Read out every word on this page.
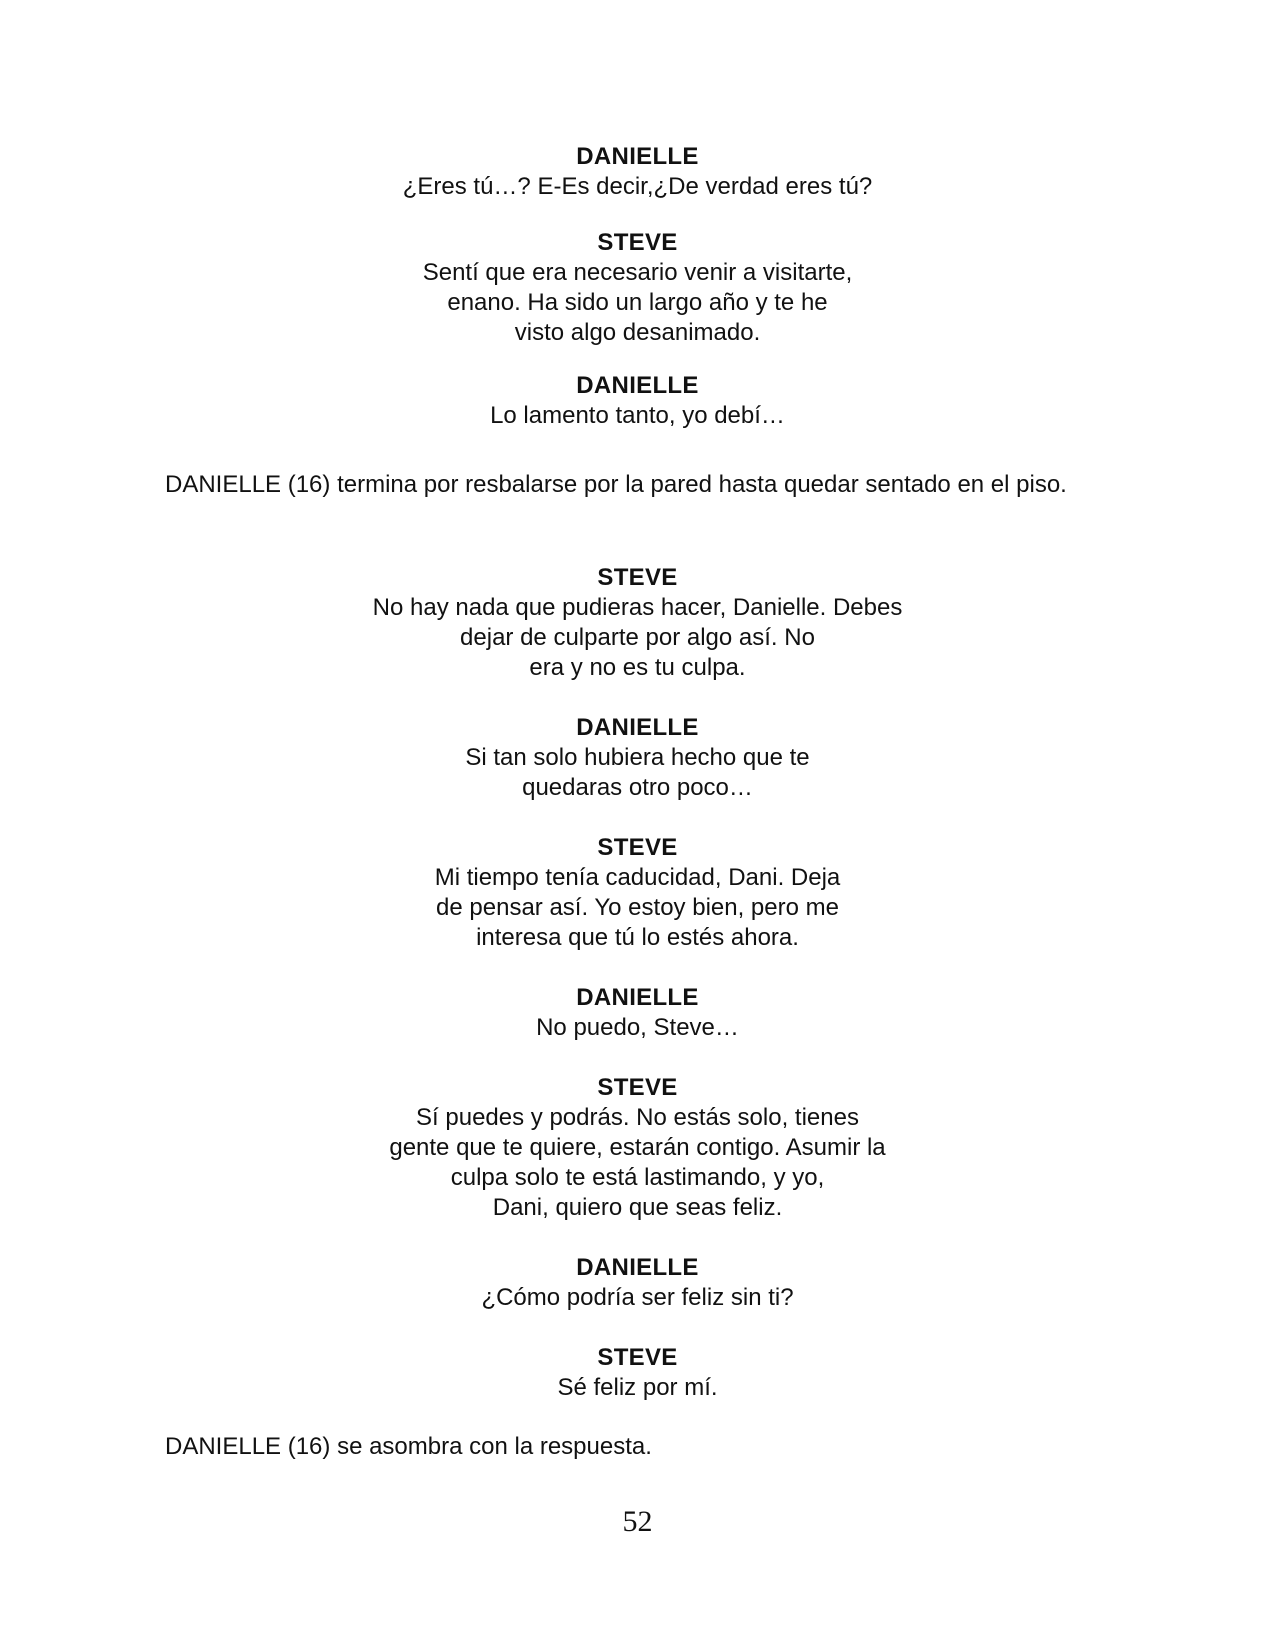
DANIELLE
¿Eres tú…? E-Es decir,¿De verdad eres tú?
STEVE
Sentí que era necesario venir a visitarte,
enano. Ha sido un largo año y te he
visto algo desanimado.
DANIELLE
Lo lamento tanto, yo debí…
DANIELLE (16) termina por resbalarse por la pared hasta quedar sentado en el piso.
STEVE
No hay nada que pudieras hacer, Danielle. Debes
dejar de culparte por algo así. No
era y no es tu culpa.
DANIELLE
Si tan solo hubiera hecho que te
quedaras otro poco…
STEVE
Mi tiempo tenía caducidad, Dani. Deja
de pensar así. Yo estoy bien, pero me
interesa que tú lo estés ahora.
DANIELLE
No puedo, Steve…
STEVE
Sí puedes y podrás. No estás solo, tienes
gente que te quiere, estarán contigo. Asumir la
culpa solo te está lastimando, y yo,
Dani, quiero que seas feliz.
DANIELLE
¿Cómo podría ser feliz sin ti?
STEVE
Sé feliz por mí.
DANIELLE (16) se asombra con la respuesta.
52
